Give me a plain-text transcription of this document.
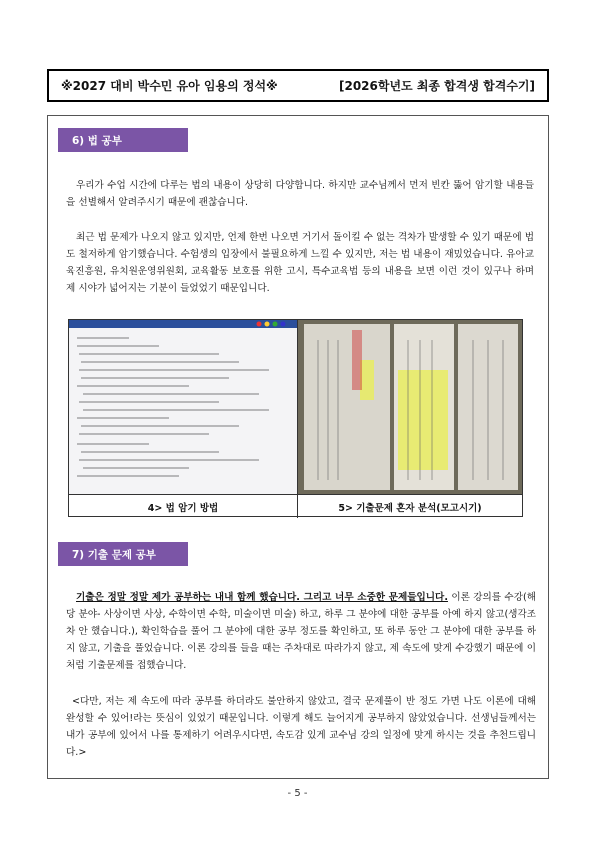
※2027 대비 박수민 유아 임용의 정석※	[2026학년도 최종 합격생 합격수기]
6) 법 공부

우리가 수업 시간에 다루는 법의 내용이 상당히 다양합니다. 하지만 교수님께서 먼저 빈칸 뚫어 암기할 내용들을 선별해서 알려주시기 때문에 괜찮습니다.

최근 법 문제가 나오지 않고 있지만, 언제 한번 나오면 거기서 돌이킬 수 없는 격차가 발생할 수 있기 때문에 법도 철저하게 암기했습니다. 수험생의 입장에서 불필요하게 느낄 수 있지만, 저는 법 내용이 재밌었습니다. 유아교육진흥원, 유치원운영위원회, 교육활동 보호를 위한 고시, 특수교육법 등의 내용을 보면 이런 것이 있구나 하며 제 시야가 넓어지는 기분이 들었었기 때문입니다.

4> 법 암기 방법	5> 기출문제 혼자 분석(모고시기)
7) 기출 문제 공부

기출은 정말 정말 제가 공부하는 내내 함께 했습니다. 그리고 너무 소중한 문제들입니다. 이론 강의를 수강(해당 분야- 사상이면 사상, 수학이면 수학, 미술이면 미술) 하고, 하루 그 분야에 대한 공부를 아예 하지 않고(생각조차 안 했습니다.), 확인학습을 풀어 그 분야에 대한 공부 정도를 확인하고, 또 하루 동안 그 분야에 대한 공부를 하지 않고, 기출을 풀었습니다. 이론 강의를 들을 때는 주차대로 따라가지 않고, 제 속도에 맞게 수강했기 때문에 이처럼 기출문제를 접했습니다.

<다만, 저는 제 속도에 따라 공부를 하더라도 불안하지 않았고, 결국 문제풀이 반 정도 가면 나도 이론에 대해 완성할 수 있어!라는 뜻심이 있었기 때문입니다. 이렇게 해도 늘어지게 공부하지 않았었습니다. 선생님들께서는 내가 공부에 있어서 나를 통제하기 어려우시다면, 속도감 있게 교수님 강의 일정에 맞게 하시는 것을 추천드립니다.>

- 5 -
